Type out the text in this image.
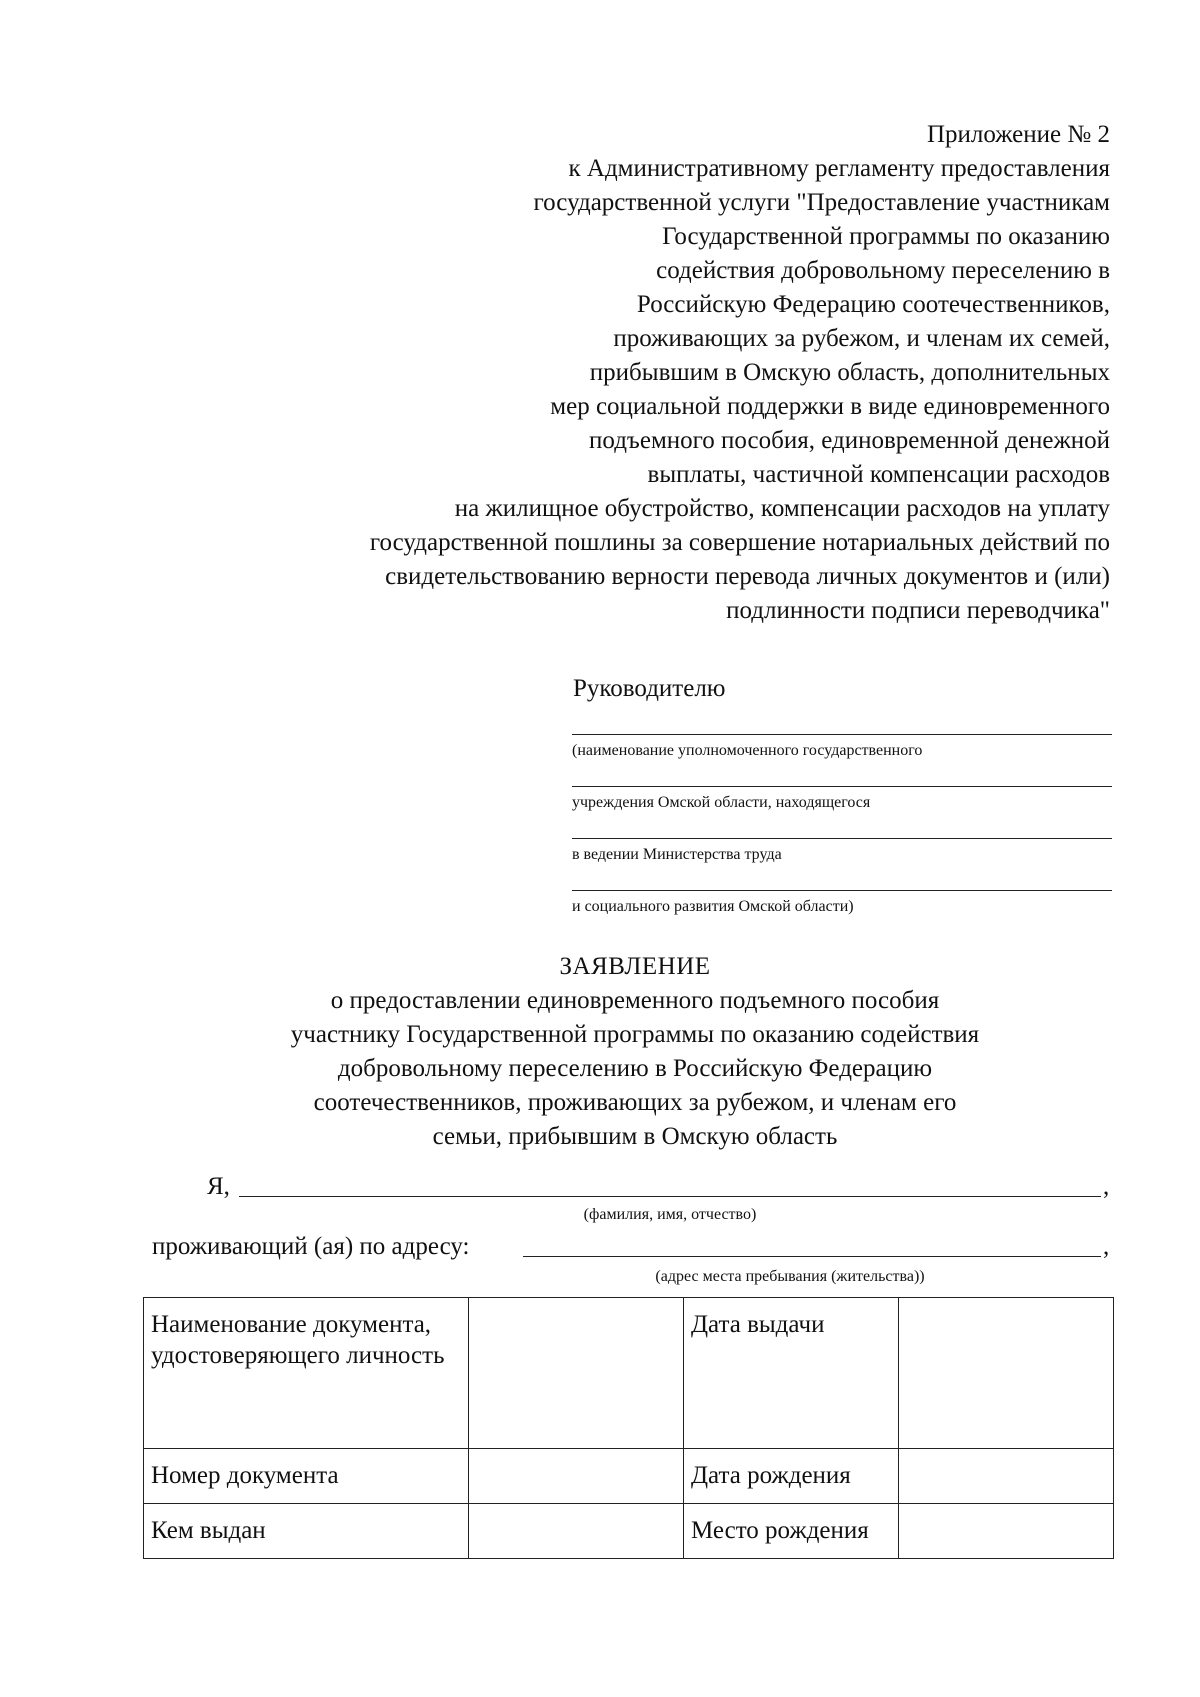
Приложение № 2
к Административному регламенту предоставления
государственной услуги "Предоставление участникам
Государственной программы по оказанию
содействия добровольному переселению в
Российскую Федерацию соотечественников,
проживающих за рубежом, и членам их семей,
прибывшим в Омскую область, дополнительных
мер социальной поддержки в виде единовременного
подъемного пособия, единовременной денежной
выплаты, частичной компенсации расходов
на жилищное обустройство, компенсации расходов на уплату
государственной пошлины за совершение нотариальных действий по
свидетельствованию верности перевода личных документов и (или)
подлинности подписи переводчика"
Руководителю
(наименование уполномоченного государственного
учреждения Омской области, находящегося
в ведении Министерства труда
и социального развития Омской области)
ЗАЯВЛЕНИЕ
о предоставлении единовременного подъемного пособия
участнику Государственной программы по оказанию содействия
добровольному переселению в Российскую Федерацию
соотечественников, проживающих за рубежом, и членам его
семьи, прибывшим в Омскую область
Я,	,
(фамилия, имя, отчество)
проживающий (ая) по адресу:	,
(адрес места пребывания (жительства))
Наименование документа, удостоверяющего личность		Дата выдачи	
Номер документа		Дата рождения	
Кем выдан		Место рождения	
